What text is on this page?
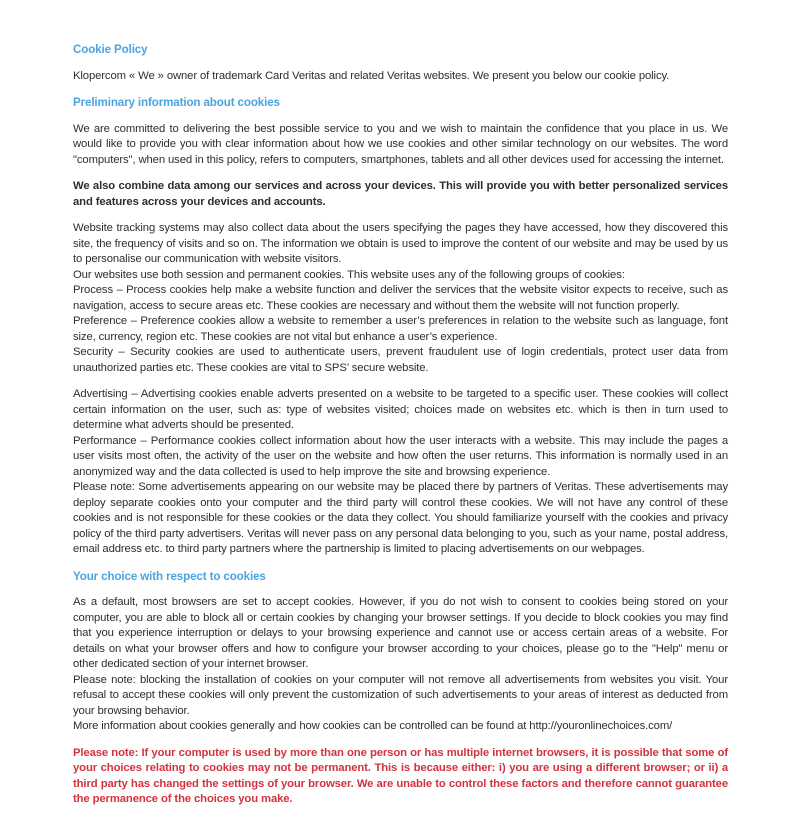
Cookie Policy

Klopercom « We » owner of trademark Card Veritas and related Veritas websites. We present you below our cookie policy.

Preliminary information about cookies

We are committed to delivering the best possible service to you and we wish to maintain the confidence that you place in us. We would like to provide you with clear information about how we use cookies and other similar technology on our websites. The word "computers", when used in this policy, refers to computers, smartphones, tablets and all other devices used for accessing the internet.

We also combine data among our services and across your devices. This will provide you with better personalized services and features across your devices and accounts.

Website tracking systems may also collect data about the users specifying the pages they have accessed, how they discovered this site, the frequency of visits and so on. The information we obtain is used to improve the content of our website and may be used by us to personalise our communication with website visitors.

Our websites use both session and permanent cookies. This website uses any of the following groups of cookies:

Process – Process cookies help make a website function and deliver the services that the website visitor expects to receive, such as navigation, access to secure areas etc. These cookies are necessary and without them the website will not function properly.

Preference – Preference cookies allow a website to remember a user’s preferences in relation to the website such as language, font size, currency, region etc. These cookies are not vital but enhance a user’s experience.

Security – Security cookies are used to authenticate users, prevent fraudulent use of login credentials, protect user data from unauthorized parties etc. These cookies are vital to SPS’ secure website.

Advertising – Advertising cookies enable adverts presented on a website to be targeted to a specific user. These cookies will collect certain information on the user, such as: type of websites visited; choices made on websites etc. which is then in turn used to determine what adverts should be presented.

Performance – Performance cookies collect information about how the user interacts with a website. This may include the pages a user visits most often, the activity of the user on the website and how often the user returns. This information is normally used in an anonymized way and the data collected is used to help improve the site and browsing experience.

Please note: Some advertisements appearing on our website may be placed there by partners of Veritas. These advertisements may deploy separate cookies onto your computer and the third party will control these cookies. We will not have any control of these cookies and is not responsible for these cookies or the data they collect. You should familiarize yourself with the cookies and privacy policy of the third party advertisers. Veritas will never pass on any personal data belonging to you, such as your name, postal address, email address etc. to third party partners where the partnership is limited to placing advertisements on our webpages.

Your choice with respect to cookies

As a default, most browsers are set to accept cookies. However, if you do not wish to consent to cookies being stored on your computer, you are able to block all or certain cookies by changing your browser settings. If you decide to block cookies you may find that you experience interruption or delays to your browsing experience and cannot use or access certain areas of a website. For details on what your browser offers and how to configure your browser according to your choices, please go to the "Help" menu or other dedicated section of your internet browser.

Please note: blocking the installation of cookies on your computer will not remove all advertisements from websites you visit. Your refusal to accept these cookies will only prevent the customization of such advertisements to your areas of interest as deducted from your browsing behavior.

More information about cookies generally and how cookies can be controlled can be found at http://youronlinechoices.com/

Please note: If your computer is used by more than one person or has multiple internet browsers, it is possible that some of your choices relating to cookies may not be permanent. This is because either: i) you are using a different browser; or ii) a third party has changed the settings of your browser. We are unable to control these factors and therefore cannot guarantee the permanence of the choices you make.
